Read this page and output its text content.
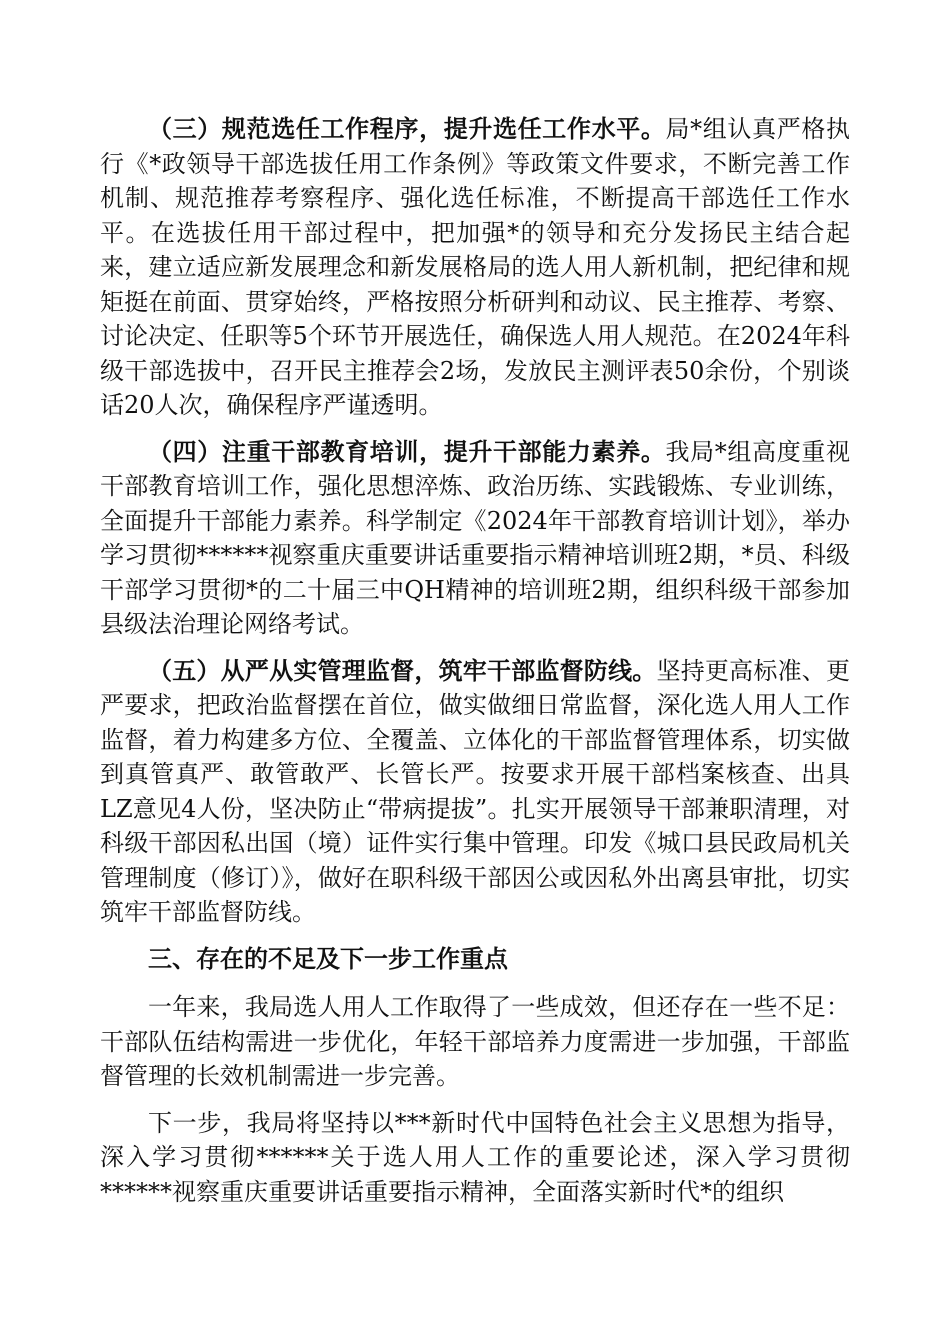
（三）规范选任工作程序，提升选任工作水平。局*组认真严格执行《*政领导干部选拔任用工作条例》等政策文件要求，不断完善工作机制、规范推荐考察程序、强化选任标准，不断提高干部选任工作水平。在选拔任用干部过程中，把加强*的领导和充分发扬民主结合起来，建立适应新发展理念和新发展格局的选人用人新机制，把纪律和规矩挺在前面、贯穿始终，严格按照分析研判和动议、民主推荐、考察、讨论决定、任职等5个环节开展选任，确保选人用人规范。在2024年科级干部选拔中，召开民主推荐会2场，发放民主测评表50余份，个别谈话20人次，确保程序严谨透明。

（四）注重干部教育培训，提升干部能力素养。我局*组高度重视干部教育培训工作，强化思想淬炼、政治历练、实践锻炼、专业训练，全面提升干部能力素养。科学制定《2024年干部教育培训计划》，举办学习贯彻******视察重庆重要讲话重要指示精神培训班2期，*员、科级干部学习贯彻*的二十届三中QH精神的培训班2期，组织科级干部参加县级法治理论网络考试。

（五）从严从实管理监督，筑牢干部监督防线。坚持更高标准、更严要求，把政治监督摆在首位，做实做细日常监督，深化选人用人工作监督，着力构建多方位、全覆盖、立体化的干部监督管理体系，切实做到真管真严、敢管敢严、长管长严。按要求开展干部档案核查、出具LZ意见4人份，坚决防止“带病提拔”。扎实开展领导干部兼职清理，对科级干部因私出国（境）证件实行集中管理。印发《城口县民政局机关管理制度（修订）》，做好在职科级干部因公或因私外出离县审批，切实筑牢干部监督防线。

三、存在的不足及下一步工作重点

一年来，我局选人用人工作取得了一些成效，但还存在一些不足：干部队伍结构需进一步优化，年轻干部培养力度需进一步加强，干部监督管理的长效机制需进一步完善。

下一步，我局将坚持以***新时代中国特色社会主义思想为指导，深入学习贯彻******关于选人用人工作的重要论述，深入学习贯彻******视察重庆重要讲话重要指示精神，全面落实新时代*的组织
